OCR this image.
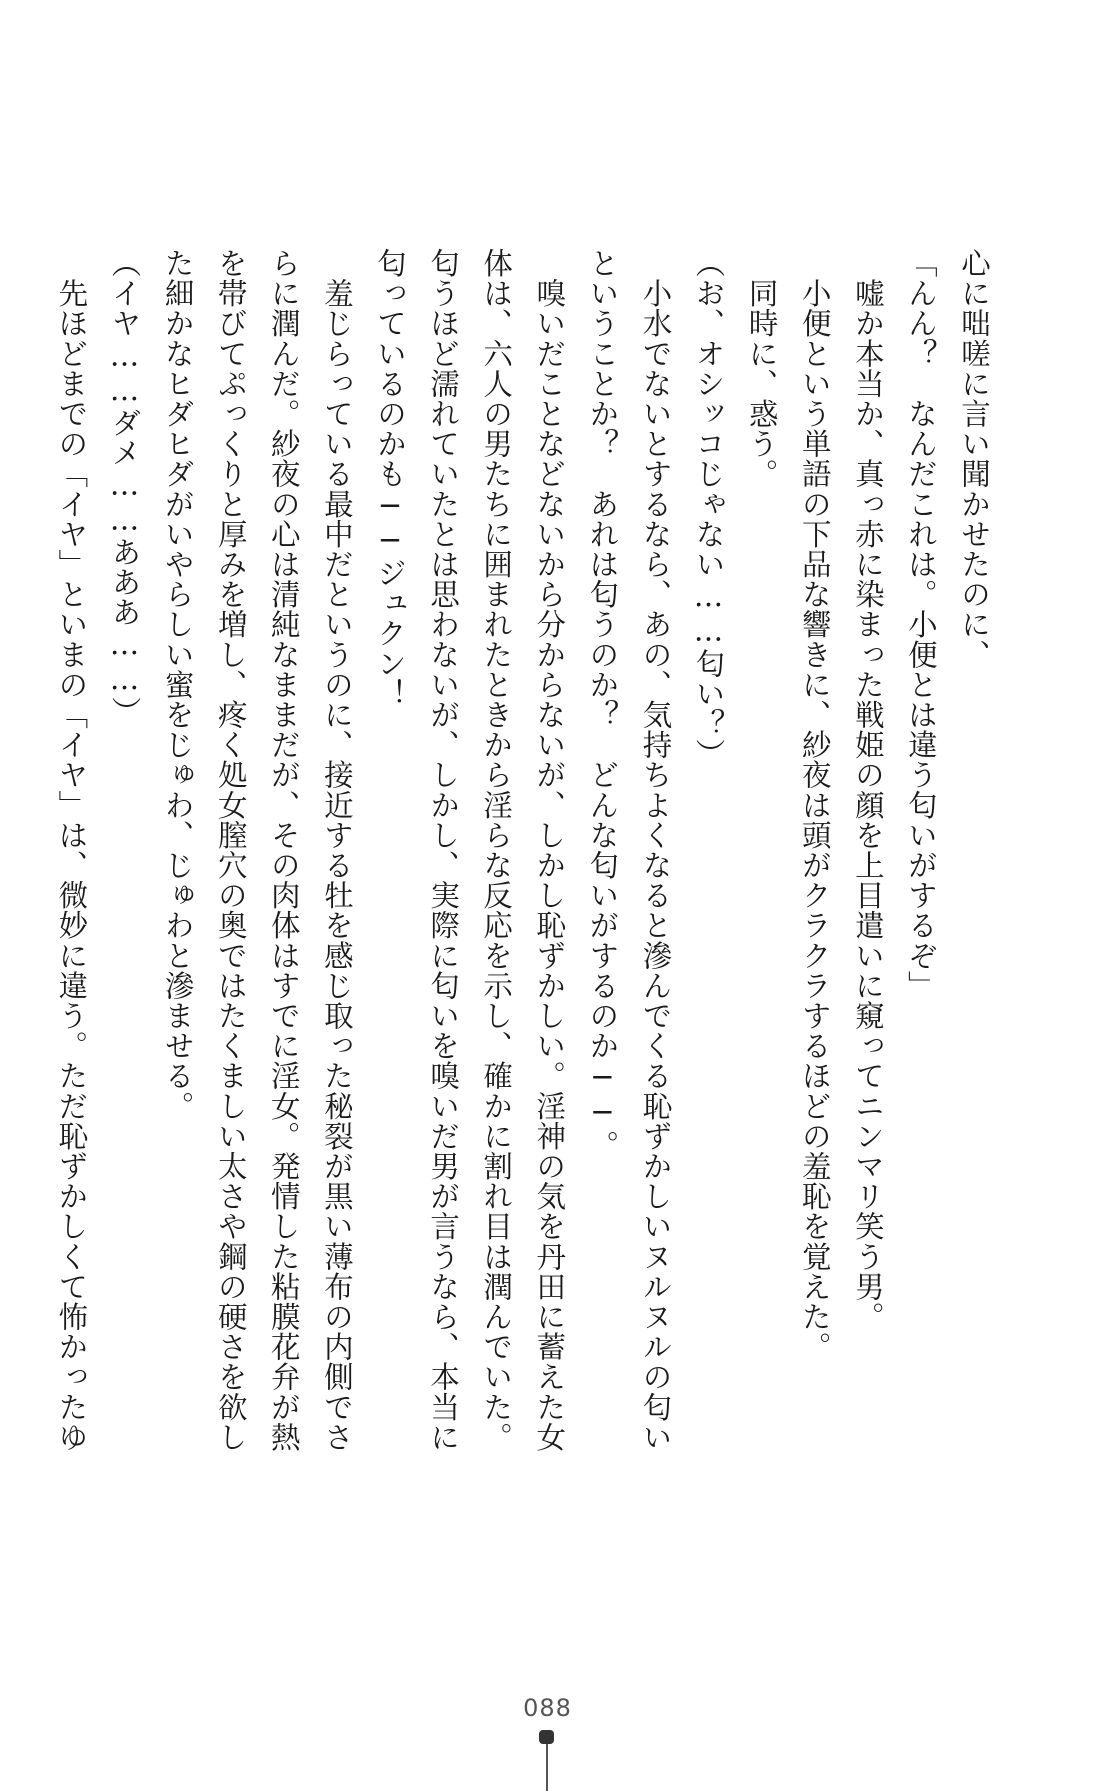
心に咄嗟に言い聞かせたのに、
「んん？　なんだこれは。小便とは違う匂いがするぞ」
　嘘か本当か、真っ赤に染まった戦姫の顔を上目遣いに窺ってニンマリ笑う男。
　小便という単語の下品な響きに、紗夜は頭がクラクラするほどの羞恥を覚えた。
　同時に、惑う。
（お、オシッコじゃない……匂い？）
　小水でないとするなら、あの、気持ちよくなると滲んでくる恥ずかしいヌルヌルの匂い
ということか？　あれは匂うのか？　どんな匂いがするのか──。
　嗅いだことなどないから分からないが、しかし恥ずかしい。淫神の気を丹田に蓄えた女
体は、六人の男たちに囲まれたときから淫らな反応を示し、確かに割れ目は潤んでいた。
匂うほど濡れていたとは思わないが、しかし、実際に匂いを嗅いだ男が言うなら、本当に
匂っているのかも──ジュクン！
　羞じらっている最中だというのに、接近する牡を感じ取った秘裂が黒い薄布の内側でさ
らに潤んだ。紗夜の心は清純なままだが、その肉体はすでに淫女。発情した粘膜花弁が熱
を帯びてぷっくりと厚みを増し、疼く処女膣穴の奥ではたくましい太さや鋼の硬さを欲し
た細かなヒダヒダがいやらしい蜜をじゅわ、じゅわと滲ませる。
（イヤ……ダメ……あああ……）
　先ほどまでの「イヤ」といまの「イヤ」は、微妙に違う。ただ恥ずかしくて怖かったゆ
088
